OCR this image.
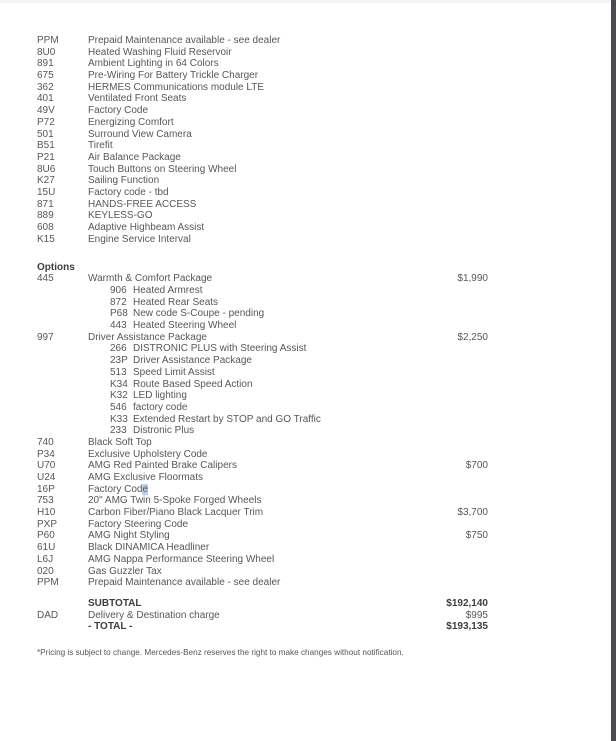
PPM	Prepaid Maintenance available - see dealer
8U0	Heated Washing Fluid Reservoir
891	Ambient Lighting in 64 Colors
675	Pre-Wiring For Battery Trickle Charger
362	HERMES Communications module LTE
401	Ventilated Front Seats
49V	Factory Code
P72	Energizing Comfort
501	Surround View Camera
B51	Tirefit
P21	Air Balance Package
8U6	Touch Buttons on Steering Wheel
K27	Sailing Function
15U	Factory code - tbd
871	HANDS-FREE ACCESS
889	KEYLESS-GO
608	Adaptive Highbeam Assist
K15	Engine Service Interval
Options
445	Warmth & Comfort Package	$1,990
906 Heated Armrest
872 Heated Rear Seats
P68 New code S-Coupe - pending
443 Heated Steering Wheel
997	Driver Assistance Package	$2,250
266 DISTRONIC PLUS with Steering Assist
23P Driver Assistance Package
513 Speed Limit Assist
K34 Route Based Speed Action
K32 LED lighting
546 factory code
K33 Extended Restart by STOP and GO Traffic
233 Distronic Plus
740	Black Soft Top
P34	Exclusive Upholstery Code
U70	AMG Red Painted Brake Calipers	$700
U24	AMG Exclusive Floormats
16P	Factory Code
753	20" AMG Twin 5-Spoke Forged Wheels
H10	Carbon Fiber/Piano Black Lacquer Trim	$3,700
PXP	Factory Steering Code
P60	AMG Night Styling	$750
61U	Black DINAMICA Headliner
L6J	AMG Nappa Performance Steering Wheel
020	Gas Guzzler Tax
PPM	Prepaid Maintenance available - see dealer
SUBTOTAL	$192,140
DAD	Delivery & Destination charge	$995
- TOTAL -	$193,135
*Pricing is subject to change. Mercedes-Benz reserves the right to make changes without notification.
